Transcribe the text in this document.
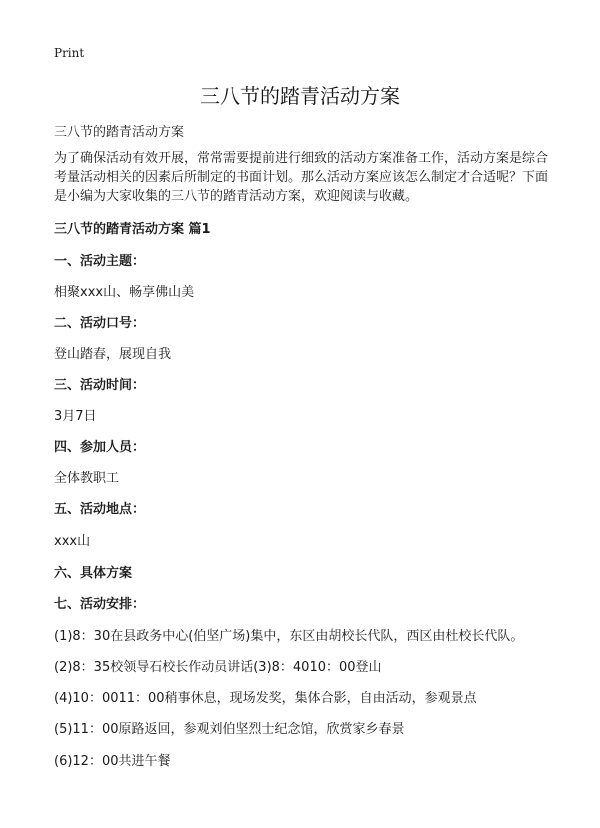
Print
三八节的踏青活动方案
三八节的踏青活动方案

为了确保活动有效开展，常常需要提前进行细致的活动方案准备工作，活动方案是综合考量活动相关的因素后所制定的书面计划。那么活动方案应该怎么制定才合适呢？下面是小编为大家收集的三八节的踏青活动方案，欢迎阅读与收藏。

三八节的踏青活动方案 篇1
一、活动主题：
相聚xxx山、畅享佛山美
二、活动口号：
登山踏春，展现自我
三、活动时间：
3月7日
四、参加人员：
全体教职工
五、活动地点：
xxx山
六、具体方案
七、活动安排：
(1)8：30在县政务中心(伯坚广场)集中，东区由胡校长代队，西区由杜校长代队。
(2)8：35校领导石校长作动员讲话(3)8：4010：00登山
(4)10：0011：00稍事休息，现场发奖，集体合影，自由活动，参观景点
(5)11：00原路返回，参观刘伯坚烈士纪念馆，欣赏家乡春景
(6)12：00共进午餐
